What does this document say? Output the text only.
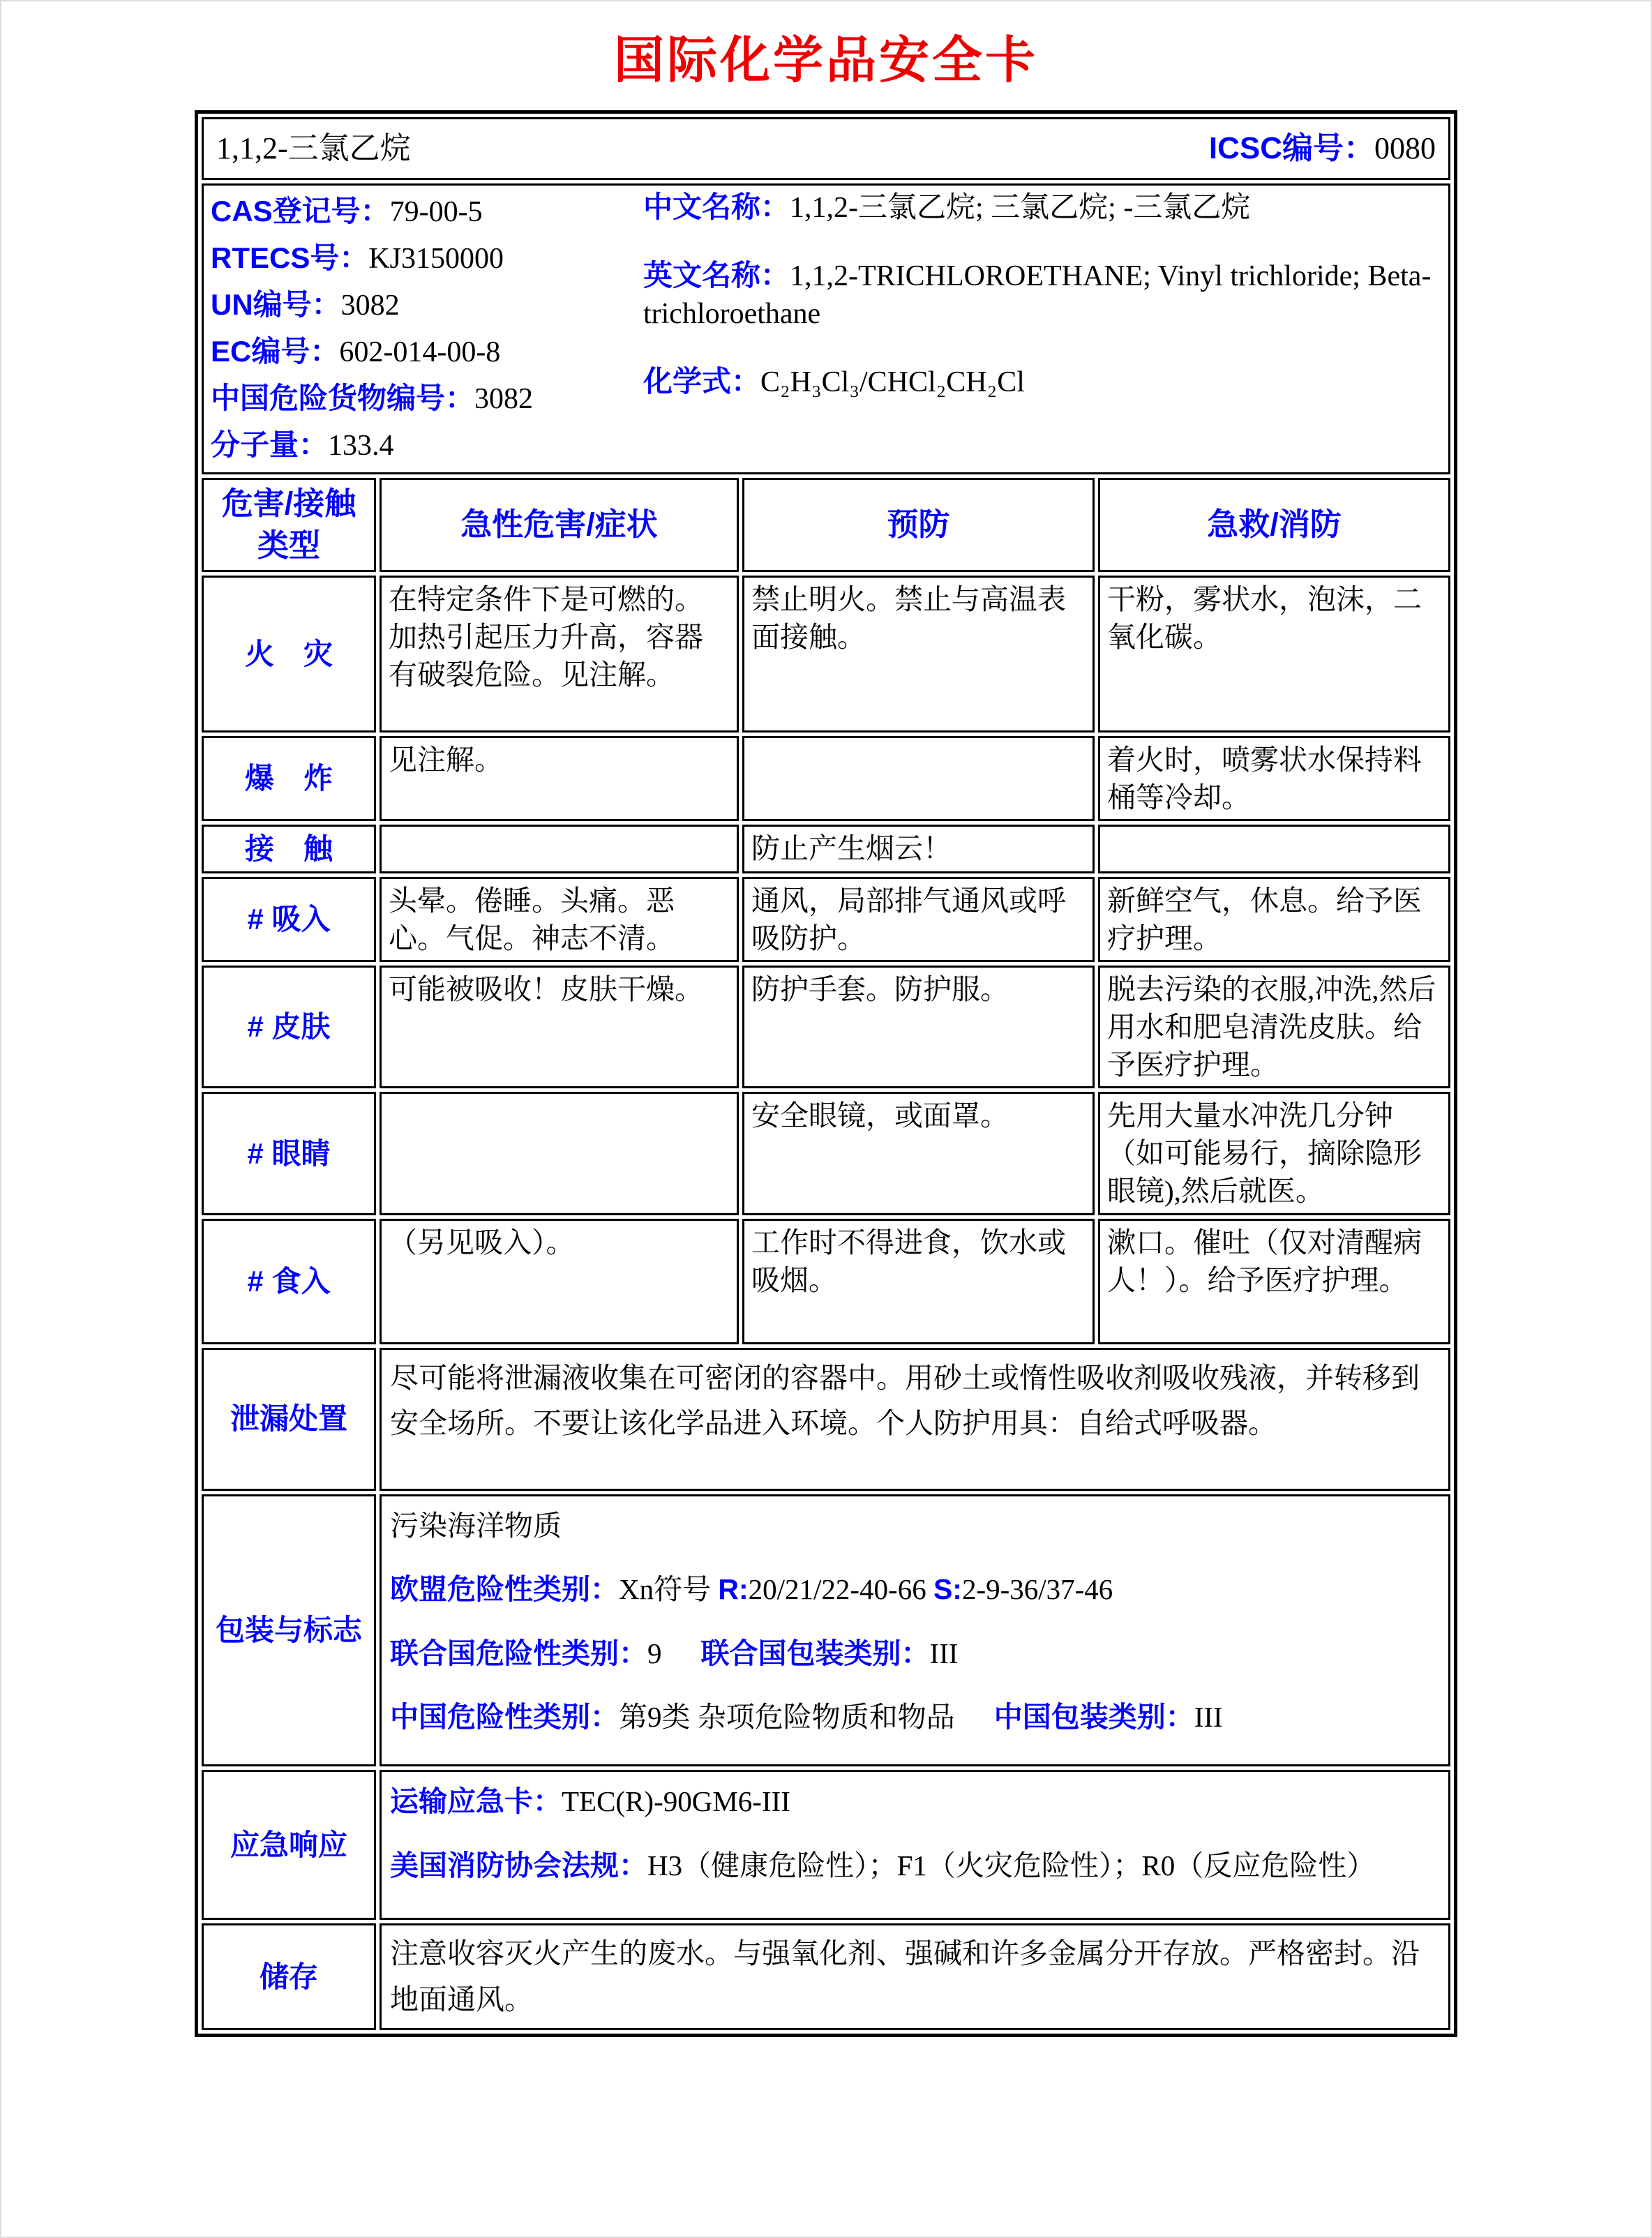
国际化学品安全卡
1,1,2-三氯乙烷 ICSC编号：0080			

CAS登记号：79-00-5
RTECS号：KJ3150000
UN编号：3082
EC编号：602-014-00-8
中国危险货物编号：3082
分子量：133.4
中文名称：1,1,2-三氯乙烷; 三氯乙烷; -三氯乙烷
英文名称：1,1,2-TRICHLOROETHANE; Vinyl trichloride; Beta-trichloroethane
化学式：C₂H₃Cl₃/CHCl₂CH₂Cl

危害/接触类型	急性危害/症状	预防	急救/消防
火　灾	在特定条件下是可燃的。加热引起压力升高，容器有破裂危险。见注解。	禁止明火。禁止与高温表面接触。	干粉，雾状水，泡沫，二氧化碳。
爆　炸	见注解。		着火时，喷雾状水保持料桶等冷却。
接　触		防止产生烟云！	
# 吸入	头晕。倦睡。头痛。恶心。气促。神志不清。	通风，局部排气通风或呼吸防护。	新鲜空气，休息。给予医疗护理。
# 皮肤	可能被吸收！皮肤干燥。	防护手套。防护服。	脱去污染的衣服,冲洗,然后用水和肥皂清洗皮肤。给予医疗护理。
# 眼睛		安全眼镜，或面罩。	先用大量水冲洗几分钟（如可能易行，摘除隐形眼镜),然后就医。
# 食入	（另见吸入）。	工作时不得进食，饮水或吸烟。	漱口。催吐（仅对清醒病人！）。给予医疗护理。
泄漏处置	尽可能将泄漏液收集在可密闭的容器中。用砂土或惰性吸收剂吸收残液，并转移到安全场所。不要让该化学品进入环境。个人防护用具：自给式呼吸器。		
包装与标志	污染海洋物质
欧盟危险性类别：Xn符号 R:20/21/22-40-66 S:2-9-36/37-46
联合国危险性类别：9 联合国包装类别：III
中国危险性类别：第9类 杂项危险物质和物品 中国包装类别：III		

应急响应	运输应急卡：TEC(R)-90GM6-III
美国消防协会法规：H3（健康危险性）；F1（火灾危险性）；R0（反应危险性）		

储存	注意收容灭火产生的废水。与强氧化剂、强碱和许多金属分开存放。严格密封。沿地面通风。		
